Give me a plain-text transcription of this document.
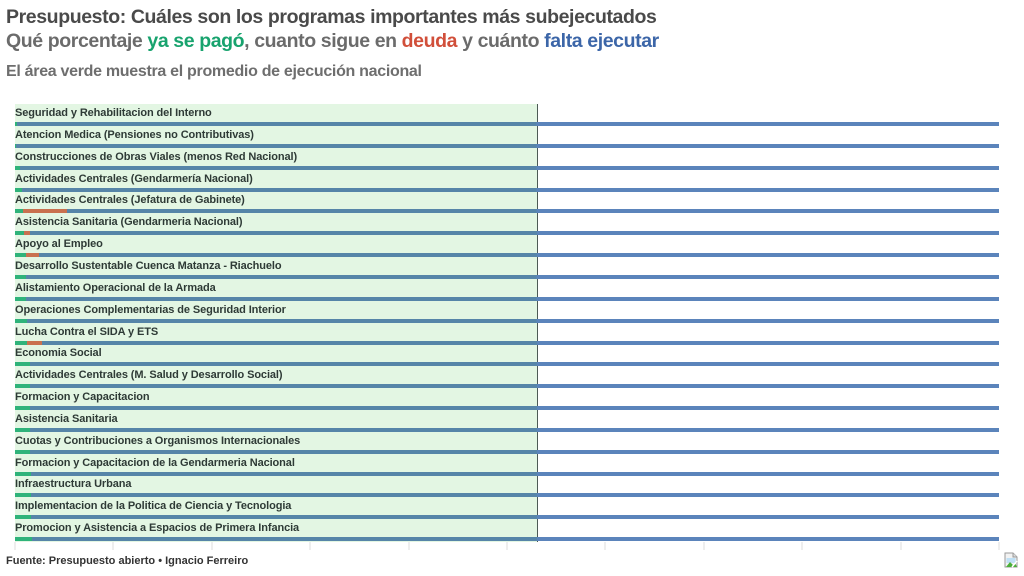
Presupuesto: Cuáles son los programas importantes más subejecutados
Qué porcentaje ya se pagó, cuanto sigue en deuda y cuánto falta ejecutar
El área verde muestra el promedio de ejecución nacional
Seguridad y Rehabilitacion del Interno
Atencion Medica (Pensiones no Contributivas)
Construcciones de Obras Viales (menos Red Nacional)
Actividades Centrales (Gendarmería Nacional)
Actividades Centrales (Jefatura de Gabinete)
Asistencia Sanitaria (Gendarmeria Nacional)
Apoyo al Empleo
Desarrollo Sustentable Cuenca Matanza - Riachuelo
Alistamiento Operacional de la Armada
Operaciones Complementarias de Seguridad Interior
Lucha Contra el SIDA y ETS
Economia Social
Actividades Centrales (M. Salud y Desarrollo Social)
Formacion y Capacitacion
Asistencia Sanitaria
Cuotas y Contribuciones a Organismos Internacionales
Formacion y Capacitacion de la Gendarmeria Nacional
Infraestructura Urbana
Implementacion de la Politica de Ciencia y Tecnologia
Promocion y Asistencia a Espacios de Primera Infancia
Fuente: Presupuesto abierto • Ignacio Ferreiro
